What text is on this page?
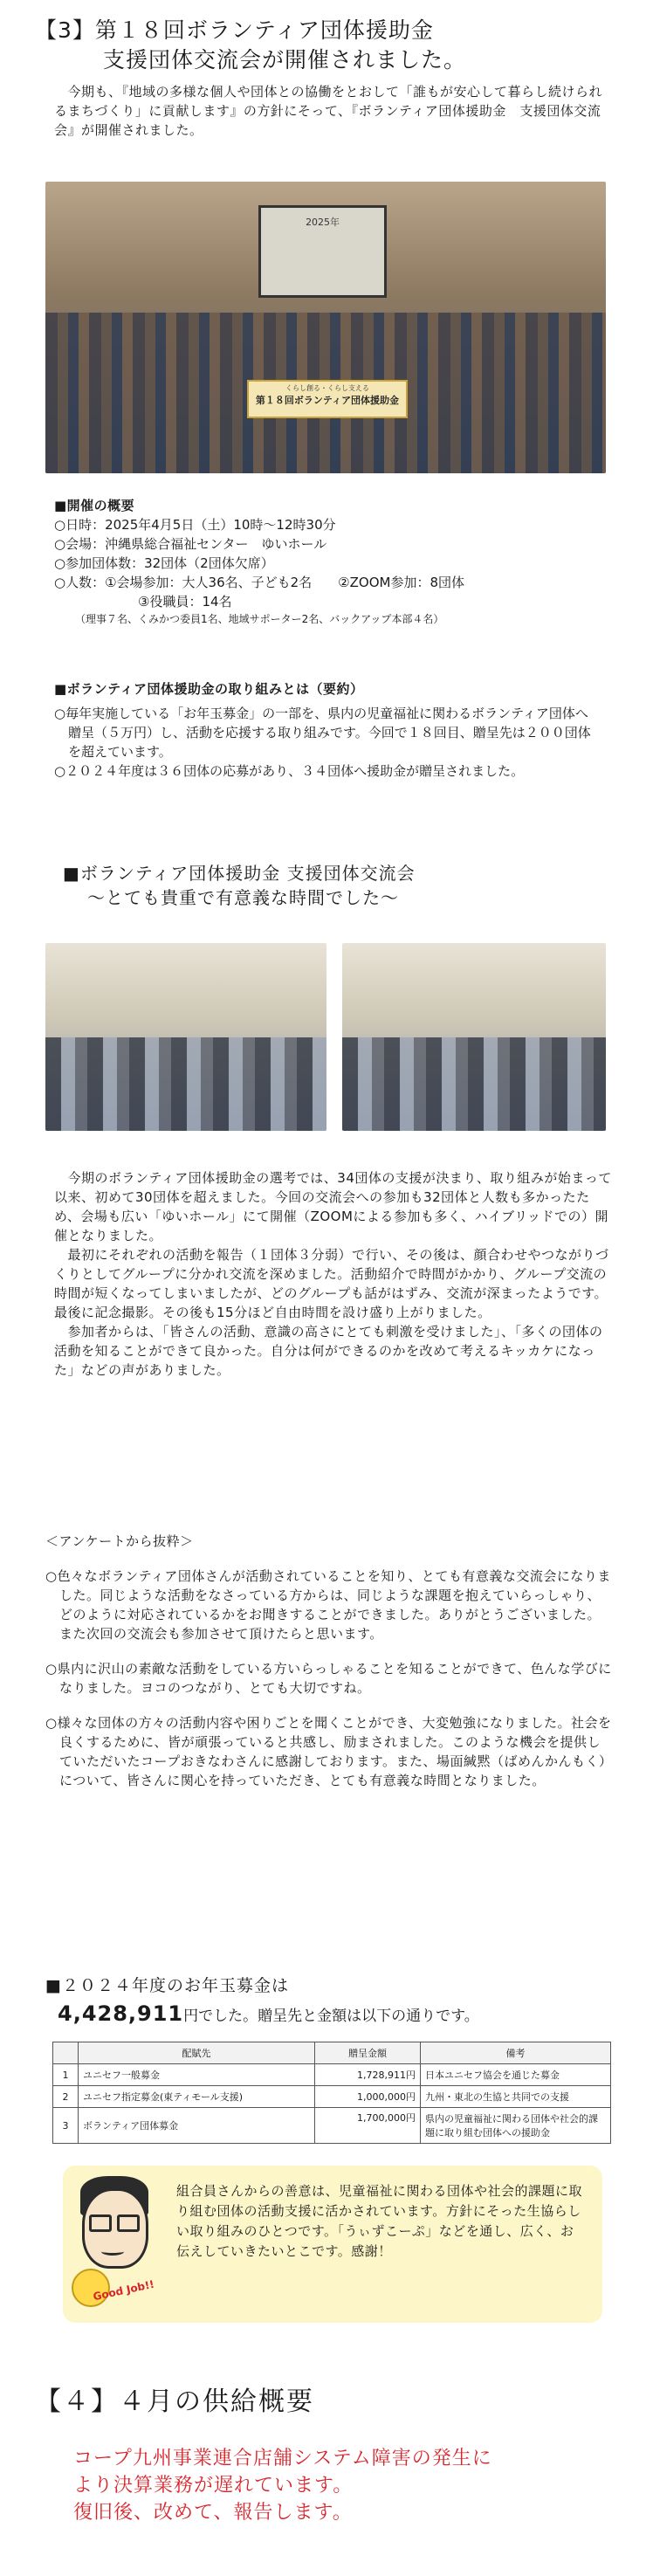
【3】第１８回ボランティア団体援助金
支援団体交流会が開催されました。
　今期も、『地域の多様な個人や団体との協働をとおして「誰もが安心して暮らし続けられるまちづくり」に貢献します』の方針にそって、『ボランティア団体援助金　支援団体交流会』が開催されました。
2025年
くらし創る・くらし支える
第１８回ボランティア団体援助金
■開催の概要
○日時：2025年4月5日（土）10時～12時30分
○会場：沖縄県総合福祉センター　ゆいホール
○参加団体数：32団体（2団体欠席）
○人数：①会場参加：大人36名、子ども2名　　②ZOOM参加：8団体
③役職員：14名
（理事７名、くみかつ委員1名、地域サポーター2名、バックアップ本部４名）
■ボランティア団体援助金の取り組みとは（要約）
○毎年実施している「お年玉募金」の一部を、県内の児童福祉に関わるボランティア団体へ贈呈（５万円）し、活動を応援する取り組みです。今回で１８回目、贈呈先は２００団体を超えています。
○２０２４年度は３６団体の応募があり、３４団体へ援助金が贈呈されました。
■ボランティア団体援助金 支援団体交流会
～とても貴重で有意義な時間でした～
　今期のボランティア団体援助金の選考では、34団体の支援が決まり、取り組みが始まって以来、初めて30団体を超えました。今回の交流会への参加も32団体と人数も多かったため、会場も広い「ゆいホール」にて開催（ZOOMによる参加も多く、ハイブリッドでの）開催となりました。
　最初にそれぞれの活動を報告（１団体３分弱）で行い、その後は、顔合わせやつながりづくりとしてグループに分かれ交流を深めました。活動紹介で時間がかかり、グループ交流の時間が短くなってしまいましたが、どのグループも話がはずみ、交流が深まったようです。最後に記念撮影。その後も15分ほど自由時間を設け盛り上がりました。
　参加者からは、「皆さんの活動、意識の高さにとても刺激を受けました」、「多くの団体の活動を知ることができて良かった。自分は何ができるのかを改めて考えるキッカケになった」などの声がありました。
＜アンケートから抜粋＞
○色々なボランティア団体さんが活動されていることを知り、とても有意義な交流会になりました。同じような活動をなさっている方からは、同じような課題を抱えていらっしゃり、どのように対応されているかをお聞きすることができました。ありがとうございました。また次回の交流会も参加させて頂けたらと思います。
○県内に沢山の素敵な活動をしている方いらっしゃることを知ることができて、色んな学びになりました。ヨコのつながり、とても大切ですね。
○様々な団体の方々の活動内容や困りごとを聞くことができ、大変勉強になりました。社会を良くするために、皆が頑張っていると共感し、励まされました。このような機会を提供していただいたコープおきなわさんに感謝しております。また、場面緘黙（ばめんかんもく）について、皆さんに関心を持っていただき、とても有意義な時間となりました。
■２０２４年度のお年玉募金は
4,428,911円でした。贈呈先と金額は以下の通りです。
	配賦先	贈呈金額	備考
1	ユニセフ一般募金	1,728,911円	日本ユニセフ協会を通じた募金
2	ユニセフ指定募金(東ティモール支援)	1,000,000円	九州・東北の生協と共同での支援
3	ボランティア団体募金	1,700,000円	県内の児童福祉に関わる団体や社会的課題に取り組む団体への援助金
Good Job!!
組合員さんからの善意は、児童福祉に関わる団体や社会的課題に取り組む団体の活動支援に活かされています。方針にそった生協らしい取り組みのひとつです。「うぃずこーぷ」などを通し、広く、お伝えしていきたいとこです。感謝！
【４】４月の供給概要
コープ九州事業連合店舗システム障害の発生に
より決算業務が遅れています。
復旧後、改めて、報告します。
